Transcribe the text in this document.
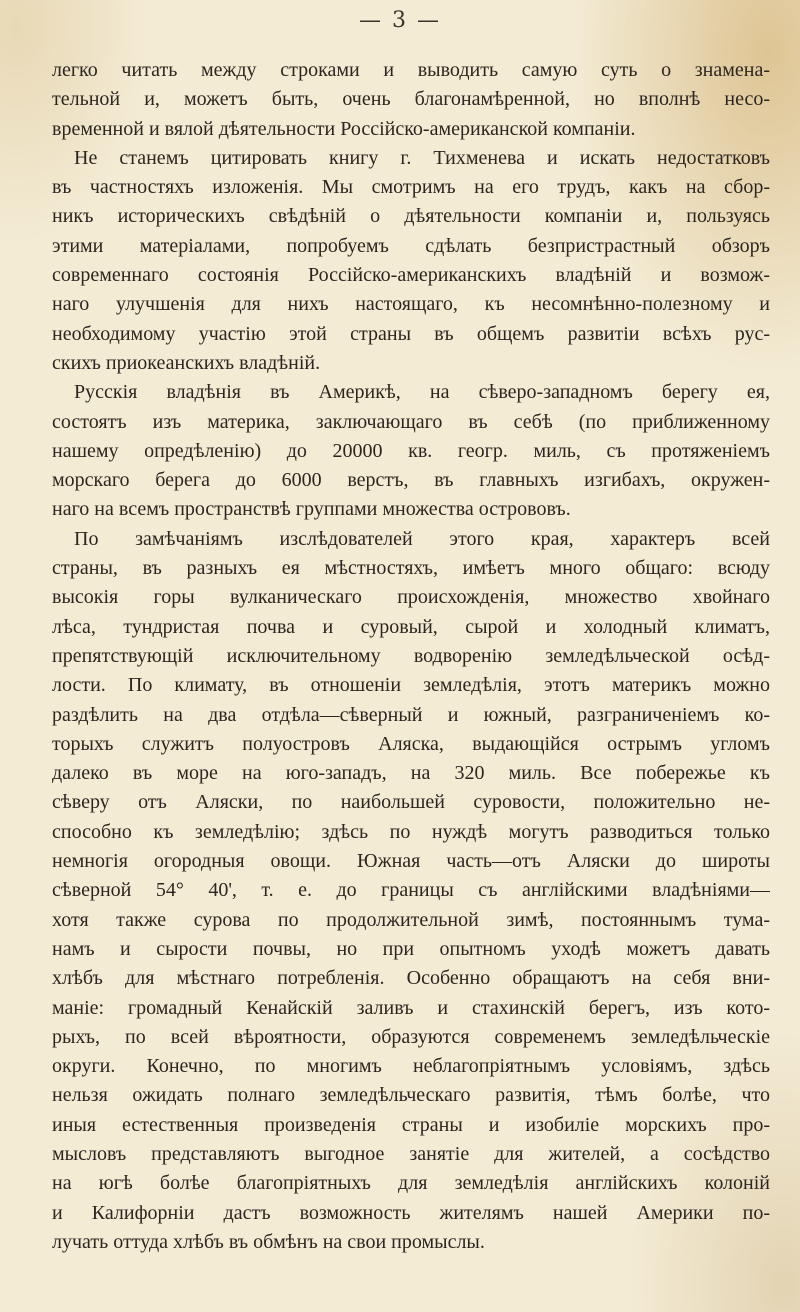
— 3 —
легко читать между строками и выводить самую суть о знамена-
тельной и, можетъ быть, очень благонамѣренной, но вполнѣ несо-
временной и вялой дѣятельности Россійско-американской компаніи.
Не станемъ цитировать книгу г. Тихменева и искать недостатковъ
въ частностяхъ изложенія. Мы смотримъ на его трудъ, какъ на сбор-
никъ историческихъ свѣдѣній о дѣятельности компаніи и, пользуясь
этими матеріалами, попробуемъ сдѣлать безпристрастный обзоръ
современнаго состоянія Россійско-американскихъ владѣній и возмож-
наго улучшенія для нихъ настоящаго, къ несомнѣнно-полезному и
необходимому участію этой страны въ общемъ развитіи всѣхъ рус-
скихъ приокеанскихъ владѣній.
Русскія владѣнія въ Америкѣ, на сѣверо-западномъ берегу ея,
состоятъ изъ материка, заключающаго въ себѣ (по приближенному
нашему опредѣленію) до 20000 кв. геогр. миль, съ протяженіемъ
морскаго берега до 6000 верстъ, въ главныхъ изгибахъ, окружен-
наго на всемъ пространствѣ группами множества острововъ.
По замѣчаніямъ изслѣдователей этого края, характеръ всей
страны, въ разныхъ ея мѣстностяхъ, имѣетъ много общаго: всюду
высокія горы вулканическаго происхожденія, множество хвойнаго
лѣса, тундристая почва и суровый, сырой и холодный климатъ,
препятствующій исключительному водворенію земледѣльческой осѣд-
лости. По климату, въ отношеніи земледѣлія, этотъ материкъ можно
раздѣлить на два отдѣла—сѣверный и южный, разграниченіемъ ко-
торыхъ служитъ полуостровъ Аляска, выдающійся острымъ угломъ
далеко въ море на юго-западъ, на 320 миль. Все побережье къ
сѣверу отъ Аляски, по наибольшей суровости, положительно не-
способно къ земледѣлію; здѣсь по нуждѣ могутъ разводиться только
немногія огородныя овощи. Южная часть—отъ Аляски до широты
сѣверной 54° 40', т. е. до границы съ англійскими владѣніями—
хотя также сурова по продолжительной зимѣ, постояннымъ тума-
намъ и сырости почвы, но при опытномъ уходѣ можетъ давать
хлѣбъ для мѣстнаго потребленія. Особенно обращаютъ на себя вни-
маніе: громадный Кенайскій заливъ и стахинскій берегъ, изъ кото-
рыхъ, по всей вѣроятности, образуются современемъ земледѣльческіе
округи. Конечно, по многимъ неблагопріятнымъ условіямъ, здѣсь
нельзя ожидать полнаго земледѣльческаго развитія, тѣмъ болѣе, что
иныя естественныя произведенія страны и изобиліе морскихъ про-
мысловъ представляютъ выгодное занятіе для жителей, а сосѣдство
на югѣ болѣе благопріятныхъ для земледѣлія англійскихъ колоній
и Калифорніи дастъ возможность жителямъ нашей Америки по-
лучать оттуда хлѣбъ въ обмѣнъ на свои промыслы.
